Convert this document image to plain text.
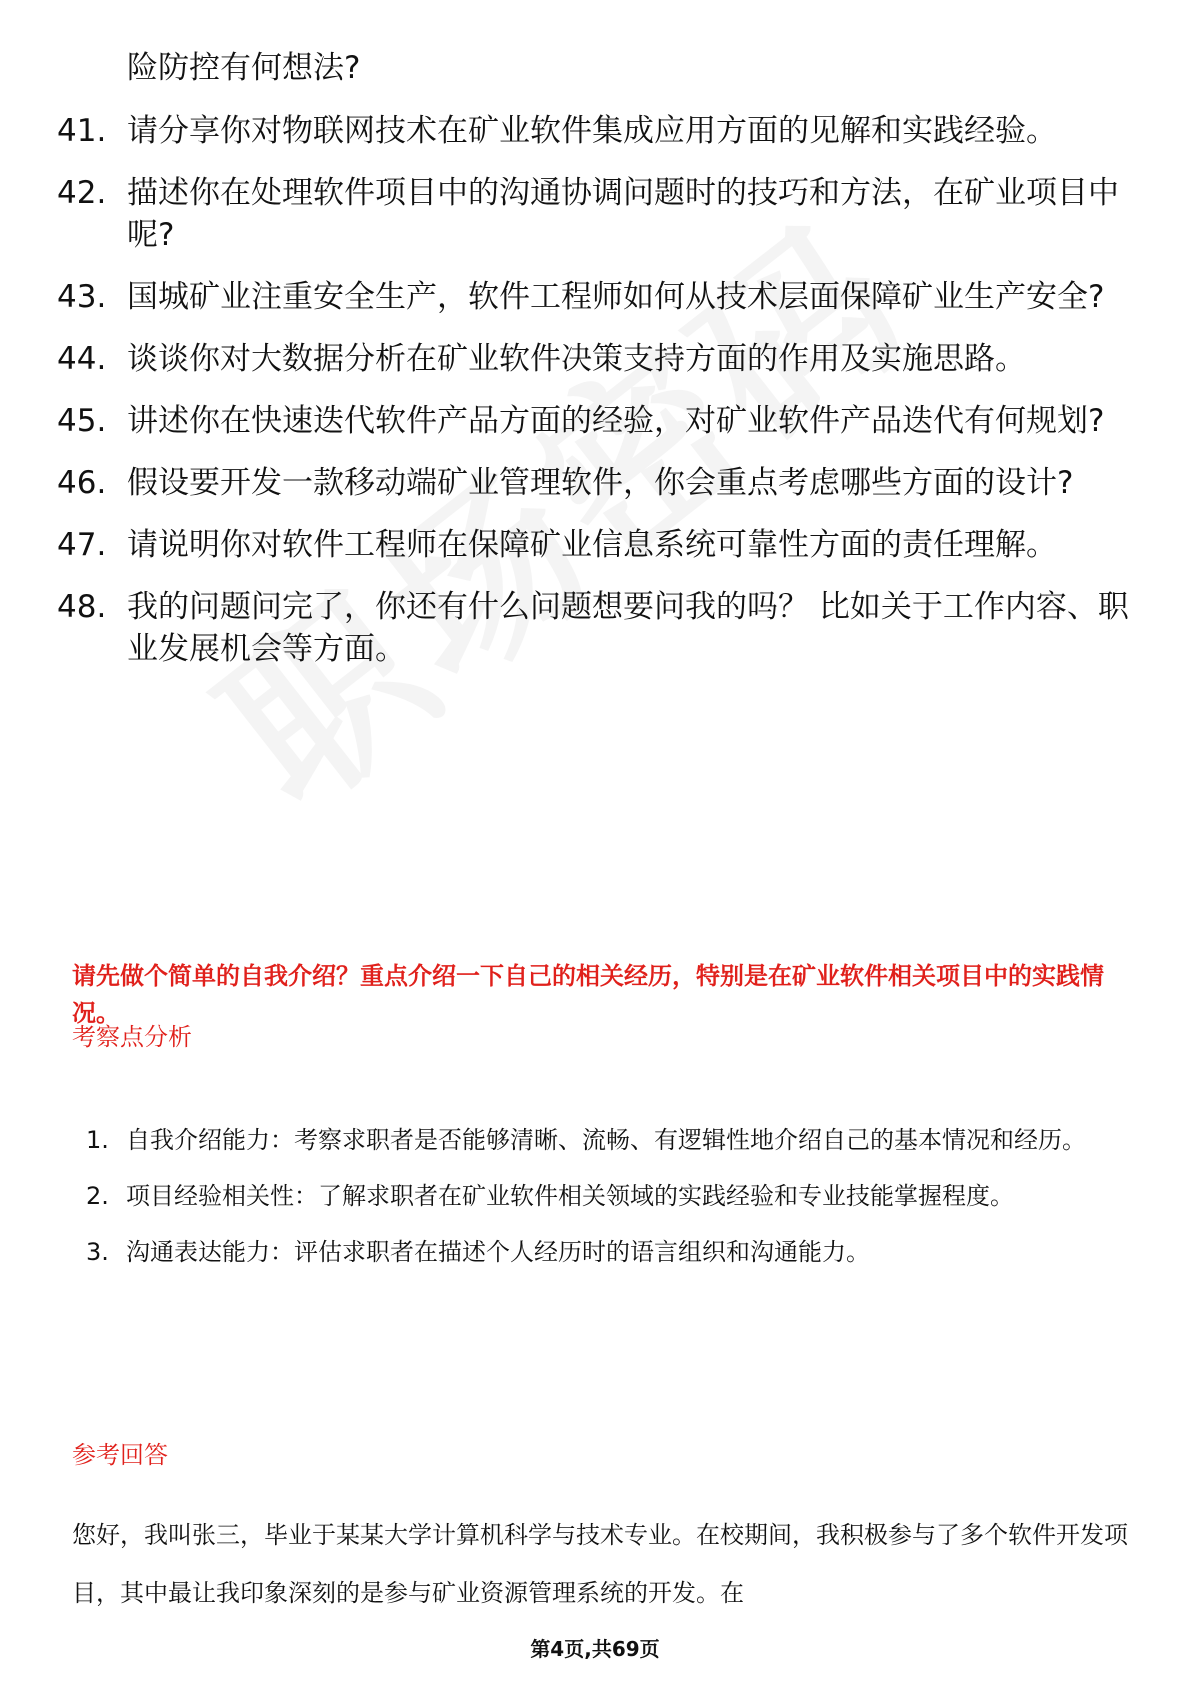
险防控有何想法?
41. 请分享你对物联网技术在矿业软件集成应用方面的见解和实践经验。
42. 描述你在处理软件项目中的沟通协调问题时的技巧和方法，在矿业项目中呢?
43. 国城矿业注重安全生产，软件工程师如何从技术层面保障矿业生产安全?
44. 谈谈你对大数据分析在矿业软件决策支持方面的作用及实施思路。
45. 讲述你在快速迭代软件产品方面的经验，对矿业软件产品迭代有何规划?
46. 假设要开发一款移动端矿业管理软件，你会重点考虑哪些方面的设计?
47. 请说明你对软件工程师在保障矿业信息系统可靠性方面的责任理解。
48. 我的问题问完了，你还有什么问题想要问我的吗？ 比如关于工作内容、职业发展机会等方面。
请先做个简单的自我介绍？重点介绍一下自己的相关经历，特别是在矿业软件相关项目中的实践情况。
考察点分析
1. 自我介绍能力：考察求职者是否能够清晰、流畅、有逻辑性地介绍自己的基本情况和经历。
2. 项目经验相关性：了解求职者在矿业软件相关领域的实践经验和专业技能掌握程度。
3. 沟通表达能力：评估求职者在描述个人经历时的语言组织和沟通能力。
参考回答

您好，我叫张三，毕业于某某大学计算机科学与技术专业。在校期间，我积极参与了多个软件开发项目，其中最让我印象深刻的是参与矿业资源管理系统的开发。在

第4页,共69页
